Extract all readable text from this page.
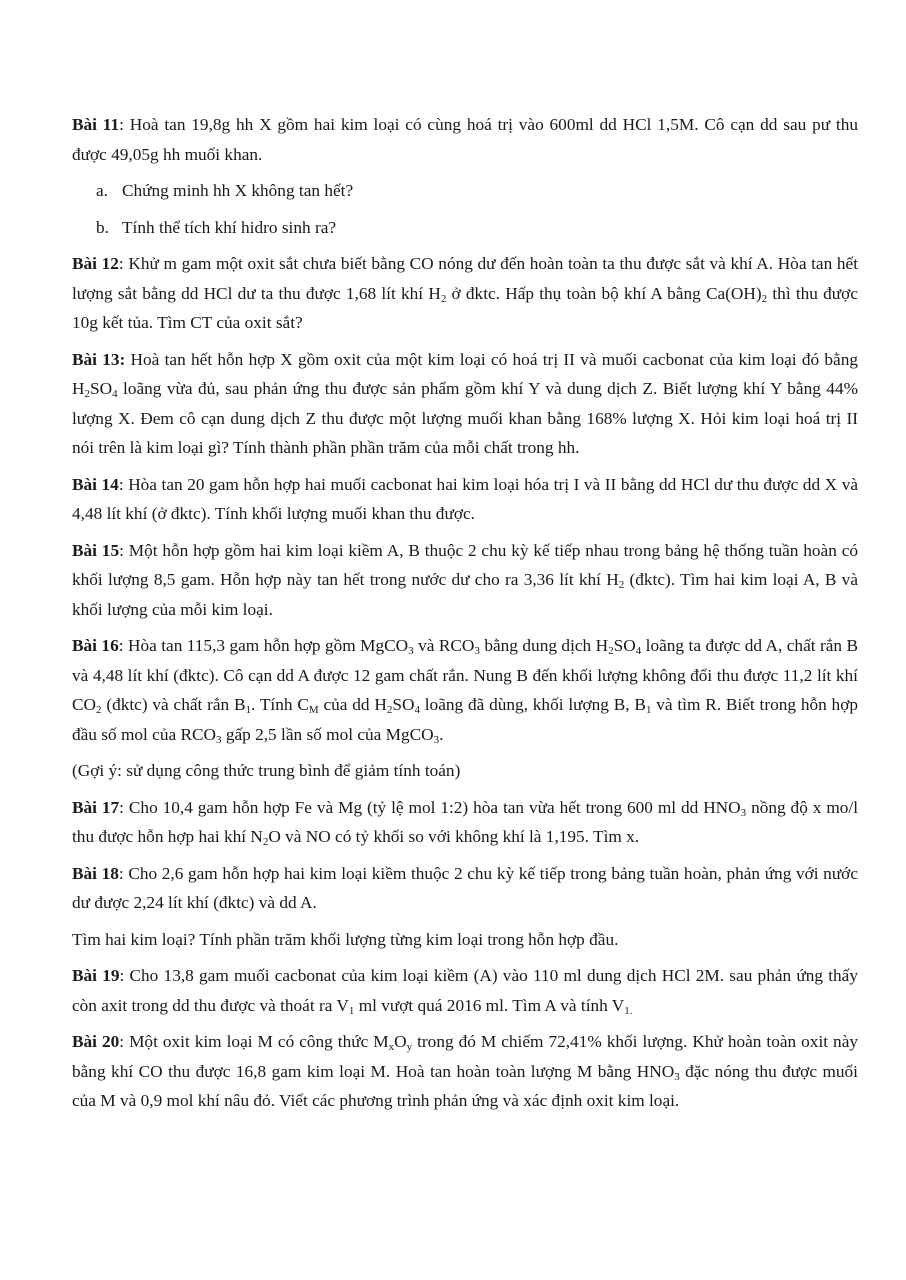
Bài 11: Hoà tan 19,8g hh X gồm hai kim loại có cùng hoá trị vào 600ml dd HCl 1,5M. Cô cạn dd sau pư thu được 49,05g hh muối khan.

a. Chứng minh hh X không tan hết?

b. Tính thể tích khí hidro sinh ra?

Bài 12: Khử m gam một oxit sắt chưa biết bằng CO nóng dư đến hoàn toàn ta thu được sắt và khí A. Hòa tan hết lượng sắt bằng dd HCl dư ta thu được 1,68 lít khí $H_2$ ở đktc. Hấp thụ toàn bộ khí A bằng $Ca(OH)_2$ thì thu được 10g kết tủa. Tìm CT của oxit sắt?

Bài 13: Hoà tan hết hỗn hợp X gồm oxit của một kim loại có hoá trị II và muối cacbonat của kim loại đó bằng $H_2SO_4$ loãng vừa đủ, sau phản ứng thu được sản phẩm gồm khí Y và dung dịch Z. Biết lượng khí Y bằng 44% lượng X. Đem cô cạn dung dịch Z thu được một lượng muối khan bằng 168% lượng X. Hỏi kim loại hoá trị II nói trên là kim loại gì? Tính thành phần phần trăm của mỗi chất trong hh.

Bài 14: Hòa tan 20 gam hỗn hợp hai muối cacbonat hai kim loại hóa trị I và II bằng dd HCl dư thu được dd X và 4,48 lít khí (ở đktc). Tính khối lượng muối khan thu được.

Bài 15: Một hỗn hợp gồm hai kim loại kiềm A, B thuộc 2 chu kỳ kế tiếp nhau trong bảng hệ thống tuần hoàn có khối lượng 8,5 gam. Hỗn hợp này tan hết trong nước dư cho ra 3,36 lít khí $H_2$ (đktc). Tìm hai kim loại A, B và khối lượng của mỗi kim loại.

Bài 16: Hòa tan 115,3 gam hỗn hợp gồm MgCO$_3$ và $RCO_3$ bằng dung dịch $H_2SO_4$ loãng ta được dd A, chất rắn B và 4,48 lít khí (đktc). Cô cạn dd A được 12 gam chất rắn. Nung B đến khối lượng không đổi thu được 11,2 lít khí $CO_2$ (đktc) và chất rắn $B_1$. Tính $C_M$ của dd $H_2SO_4$ loãng đã dùng, khối lượng B, $B_1$ và tìm R. Biết trong hỗn hợp đầu số mol của $RCO_3$ gấp 2,5 lần số mol của MgCO$_3$.

(Gợi ý: sử dụng công thức trung bình để giảm tính toán)

Bài 17: Cho 10,4 gam hỗn hợp Fe và Mg (tỷ lệ mol 1:2) hòa tan vừa hết trong 600 ml dd $HNO_3$ nồng độ x mo/l thu được hỗn hợp hai khí $N_2O$ và NO có tỷ khối so với không khí là 1,195. Tìm x.

Bài 18: Cho 2,6 gam hỗn hợp hai kim loại kiềm thuộc 2 chu kỳ kế tiếp trong bảng tuần hoàn, phản ứng với nước dư được 2,24 lít khí (đktc) và dd A.

Tìm hai kim loại? Tính phần trăm khối lượng từng kim loại trong hỗn hợp đầu.

Bài 19: Cho 13,8 gam muối cacbonat của kim loại kiềm (A) vào 110 ml dung dịch HCl 2M. sau phản ứng thấy còn axit trong dd thu được và thoát ra $V_1$ ml vượt quá 2016 ml. Tìm A và tính $V_{1.}$

Bài 20: Một oxit kim loại M có công thức $M_xO_y$ trong đó M chiếm 72,41% khối lượng. Khử hoàn toàn oxit này bằng khí CO thu được 16,8 gam kim loại M. Hoà tan hoàn toàn lượng M bằng $HNO_3$ đặc nóng thu được muối của M và 0,9 mol khí nâu đỏ. Viết các phương trình phản ứng và xác định oxit kim loại.
